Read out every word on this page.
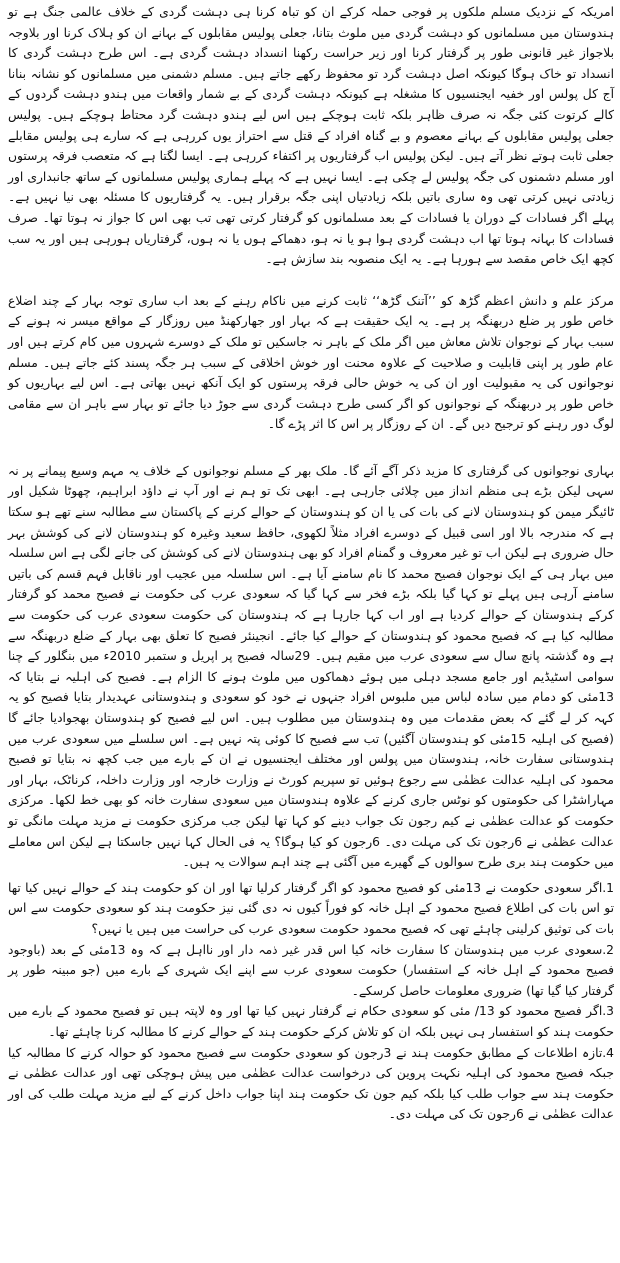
امریکہ کے نزدیک مسلم ملکوں پر فوجی حملہ کرکے ان کو تباہ کرنا ہی دہشت گردی کے خلاف عالمی جنگ ہے تو ہندوستان میں مسلمانوں کو دہشت گردی میں ملوث بتانا، جعلی پولیس مقابلوں کے بہانے ان کو ہلاک کرنا اور بلاوجہ بلاجواز غیر قانونی طور پر گرفتار کرنا اور زیر حراست رکھنا انسداد دہشت گردی ہے۔ اس طرح دہشت گردی کا انسداد تو خاک ہوگا کیونکہ اصل دہشت گرد تو محفوظ رکھے جاتے ہیں۔ مسلم دشمنی میں مسلمانوں کو نشانہ بنانا آج کل پولس اور خفیہ ایجنسیوں کا مشغلہ ہے کیونکہ دہشت گردی کے بے شمار واقعات میں ہندو دہشت گردوں کے کالے کرتوت کئی جگہ نہ صرف ظاہر بلکہ ثابت ہوچکے ہیں اس لیے ہندو دہشت گرد محتاط ہوچکے ہیں۔ پولیس جعلی پولیس مقابلوں کے بہانے معصوم و بے گناہ افراد کے قتل سے احتراز یوں کررہی ہے کہ سارے ہی پولیس مقابلے جعلی ثابت ہوتے نظر آتے ہیں۔ لیکن پولیس اب گرفتاریوں پر اکتفاء کررہی ہے۔ ایسا لگتا ہے کہ متعصب فرقہ پرستوں اور مسلم دشمنوں کی جگہ پولیس لے چکی ہے۔ ایسا نہیں ہے کہ پہلے ہماری پولیس مسلمانوں کے ساتھ جانبداری اور زیادتی نہیں کرتی تھی وہ ساری باتیں بلکہ زیادتیاں اپنی جگہ برقرار ہیں۔ یہ گرفتاریوں کا مسئلہ بھی نیا نہیں ہے۔ پہلے اگر فسادات کے دوران یا فسادات کے بعد مسلمانوں کو گرفتار کرتی تھی تب بھی اس کا جواز نہ ہوتا تھا۔ صرف فسادات کا بہانہ ہوتا تھا اب دہشت گردی ہوا ہو یا نہ ہو، دھماکے ہوں یا نہ ہوں، گرفتاریاں ہورہی ہیں اور یہ سب کچھ ایک خاص مقصد سے ہورہا ہے۔ یہ ایک منصوبہ بند سازش ہے۔

مرکز علم و دانش اعظم گڑھ کو ’’آتنک گڑھ‘‘ ثابت کرنے میں ناکام رہنے کے بعد اب ساری توجہ بہار کے چند اضلاع خاص طور پر ضلع دربھنگہ پر ہے۔ یہ ایک حقیقت ہے کہ بہار اور جھارکھنڈ میں روزگار کے مواقع میسر نہ ہونے کے سبب بہار کے نوجوان تلاش معاش میں اگر ملک کے باہر نہ جاسکیں تو ملک کے دوسرے شہروں میں کام کرتے ہیں اور عام طور پر اپنی قابلیت و صلاحیت کے علاوہ محنت اور خوش اخلاقی کے سبب ہر جگہ پسند کئے جاتے ہیں۔ مسلم نوجوانوں کی یہ مقبولیت اور ان کی یہ خوش حالی فرقہ پرستوں کو ایک آنکھ نہیں بھاتی ہے۔ اس لیے بہاریوں کو خاص طور پر دربھنگہ کے نوجوانوں کو اگر کسی طرح دہشت گردی سے جوڑ دیا جائے تو بہار سے باہر ان سے مقامی لوگ دور رہنے کو ترجیح دیں گے۔ ان کے روزگار پر اس کا اثر پڑے گا۔

بہاری نوجوانوں کی گرفتاری کا مزید ذکر آگے آئے گا۔ ملک بھر کے مسلم نوجوانوں کے خلاف یہ مہم وسیع پیمانے پر نہ سہی لیکن بڑے ہی منظم انداز میں چلائی جارہی ہے۔ ابھی تک تو ہم نے اور آپ نے داؤد ابراہیم، چھوٹا شکیل اور ٹائیگر میمن کو ہندوستان لانے کی بات کی یا ان کو ہندوستان کے حوالے کرنے کے پاکستان سے مطالبہ سنے تھے ہو سکتا ہے کہ مندرجہ بالا اور اسی قبیل کے دوسرے افراد مثلاً لکھوی، حافظ سعید وغیرہ کو ہندوستان لانے کی کوشش بہر حال ضروری ہے لیکن اب تو غیر معروف و گمنام افراد کو بھی ہندوستان لانے کی کوشش کی جانے لگی ہے اس سلسلہ میں بہار ہی کے ایک نوجوان فصیح محمد کا نام سامنے آیا ہے۔ اس سلسلہ میں عجیب اور ناقابل فہم قسم کی باتیں سامنے آرہی ہیں پہلے تو کہا گیا بلکہ بڑے فخر سے کہا گیا کہ سعودی عرب کی حکومت نے فصیح محمد کو گرفتار کرکے ہندوستان کے حوالے کردیا ہے اور اب کہا جارہا ہے کہ ہندوستان کی حکومت سعودی عرب کی حکومت سے مطالبہ کیا ہے کہ فصیح محمود کو ہندوستان کے حوالے کیا جائے۔ انجینئر فصیح کا تعلق بھی بہار کے ضلع دربھنگہ سے ہے وہ گذشتہ پانچ سال سے سعودی عرب میں مقیم ہیں۔ 29سالہ فصیح پر اپریل و ستمبر 2010ء میں بنگلور کے چنا سوامی اسٹیڈیم اور جامع مسجد دہلی میں ہوئے دھماکوں میں ملوث ہونے کا الزام ہے۔ فصیح کی اہلیہ نے بتایا کہ 13مئی کو دمام میں سادہ لباس میں ملبوس افراد جنہوں نے خود کو سعودی و ہندوستانی عہدیدار بتایا فصیح کو یہ کہہ کر لے گئے کہ بعض مقدمات میں وہ ہندوستان میں مطلوب ہیں۔ اس لیے فصیح کو ہندوستان بھجوادیا جائے گا (فصیح کی اہلیہ 15مئی کو ہندوستان آگئیں) تب سے فصیح کا کوئی پتہ نہیں ہے۔ اس سلسلے میں سعودی عرب میں ہندوستانی سفارت خانہ، ہندوستان میں پولس اور مختلف ایجنسیوں نے ان کے بارے میں جب کچھ نہ بتایا تو فصیح محمود کی اہلیہ عدالت عظمٰی سے رجوع ہوئیں تو سپریم کورٹ نے وزارت خارجہ اور وزارت داخلہ، کرناٹک، بہار اور مہاراشٹرا کی حکومتوں کو نوٹس جاری کرنے کے علاوہ ہندوستان میں سعودی سفارت خانہ کو بھی خط لکھا۔ مرکزی حکومت کو عدالت عظمٰی نے کیم رجون تک جواب دینے کو کہا تھا لیکن جب مرکزی حکومت نے مزید مہلت مانگی تو عدالت عظمٰی نے 6رجون تک کی مہلت دی۔ 6رجون کو کیا ہوگا؟ یہ فی الحال کہا نہیں جاسکتا ہے لیکن اس معاملے میں حکومت ہند بری طرح سوالوں کے گھیرے میں آگئی ہے چند اہم سوالات یہ ہیں۔

1.اگر سعودی حکومت نے 13مئی کو فصیح محمود کو اگر گرفتار کرلیا تھا اور ان کو حکومت ہند کے حوالے نہیں کیا تھا تو اس بات کی اطلاع فصیح محمود کے اہل خانہ کو فوراً کیوں نہ دی گئی نیز حکومت ہند کو سعودی حکومت سے اس بات کی توثیق کرلینی چاہئے تھی کہ فصیح محمود حکومت سعودی عرب کی حراست میں ہیں یا نہیں؟
2.سعودی عرب میں ہندوستان کا سفارت خانہ کیا اس قدر غیر ذمہ دار اور نااہل ہے کہ وہ 13مئی کے بعد (باوجود فصیح محمود کے اہل خانہ کے استفسار) حکومت سعودی عرب سے اپنے ایک شہری کے بارے میں (جو مبینہ طور پر گرفتار کیا گیا تھا) ضروری معلومات حاصل کرسکے۔
3.اگر فصیح محمود کو 13/ مئی کو سعودی حکام نے گرفتار نہیں کیا تھا اور وہ لاپتہ ہیں تو فصیح محمود کے بارے میں حکومت ہند کو استفسار ہی نہیں بلکہ ان کو تلاش کرکے حکومت ہند کے حوالے کرنے کا مطالبہ کرنا چاہئے تھا۔
4.تازہ اطلاعات کے مطابق حکومت ہند نے 3رجون کو سعودی حکومت سے فصیح محمود کو حوالہ کرنے کا مطالبہ کیا جبکہ فصیح محمود کی اہلیہ نکہت پروین کی درخواست عدالت عظمٰی میں پیش ہوچکی تھی اور عدالت عظمٰی نے حکومت ہند سے جواب طلب کیا بلکہ کیم جون تک حکومت ہند اپنا جواب داخل کرنے کے لیے مزید مہلت طلب کی اور عدالت عظمٰی نے 6رجون تک کی مہلت دی۔
